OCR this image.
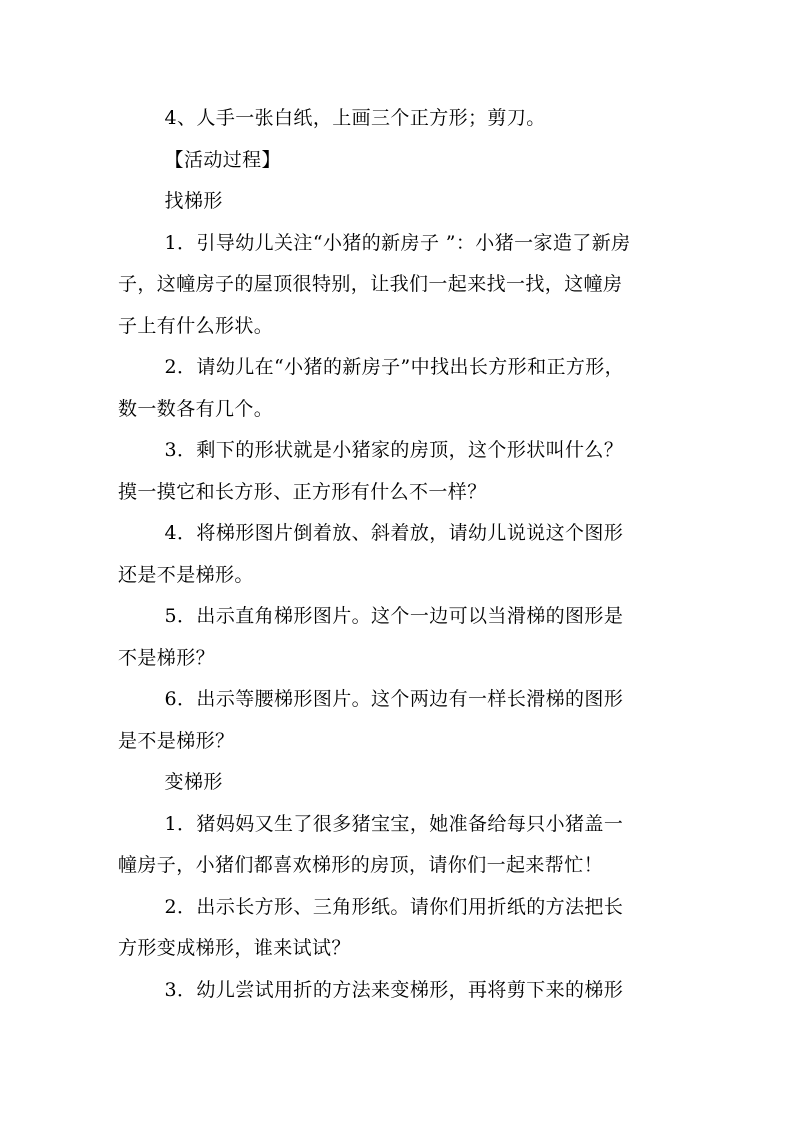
4、人手一张白纸，上画三个正方形；剪刀。

【活动过程】

找梯形

1．引导幼儿关注“小猪的新房子 ”：小猪一家造了新房
子，这幢房子的屋顶很特别，让我们一起来找一找，这幢房
子上有什么形状。

2．请幼儿在“小猪的新房子”中找出长方形和正方形，
数一数各有几个。

3．剩下的形状就是小猪家的房顶，这个形状叫什么？
摸一摸它和长方形、正方形有什么不一样？

4．将梯形图片倒着放、斜着放，请幼儿说说这个图形
还是不是梯形。

5．出示直角梯形图片。这个一边可以当滑梯的图形是
不是梯形？

6．出示等腰梯形图片。这个两边有一样长滑梯的图形
是不是梯形？

变梯形

1．猪妈妈又生了很多猪宝宝，她准备给每只小猪盖一
幢房子，小猪们都喜欢梯形的房顶，请你们一起来帮忙！

2．出示长方形、三角形纸。请你们用折纸的方法把长
方形变成梯形，谁来试试？

3．幼儿尝试用折的方法来变梯形，再将剪下来的梯形
